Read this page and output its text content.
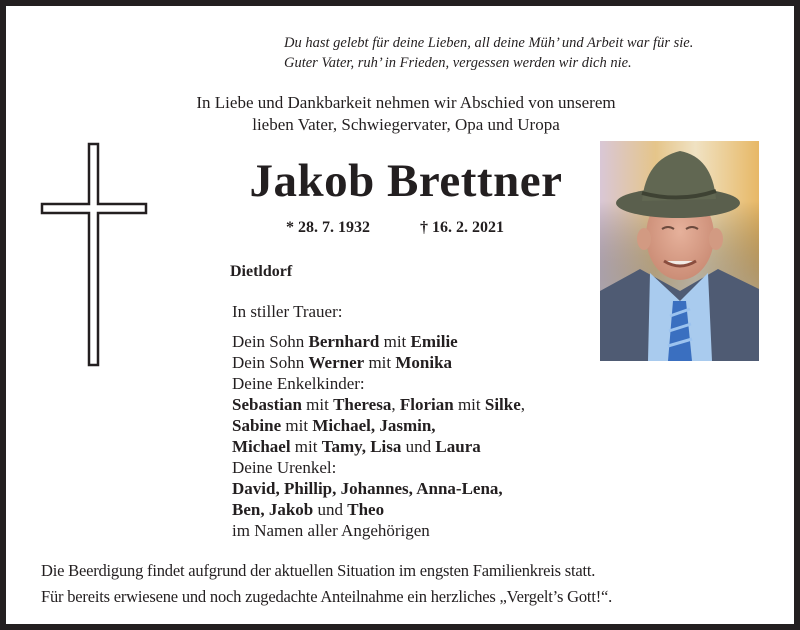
Du hast gelebt für deine Lieben, all deine Müh’ und Arbeit war für sie.
Guter Vater, ruh’ in Frieden, vergessen werden wir dich nie.
In Liebe und Dankbarkeit nehmen wir Abschied von unserem
lieben Vater, Schwiegervater, Opa und Uropa
Jakob Brettner
* 28. 7. 1932	† 16. 2. 2021
Dietldorf
In stiller Trauer:
Dein Sohn Bernhard mit Emilie
Dein Sohn Werner mit Monika
Deine Enkelkinder:
Sebastian mit Theresa, Florian mit Silke,
Sabine mit Michael, Jasmin,
Michael mit Tamy, Lisa und Laura
Deine Urenkel:
David, Phillip, Johannes, Anna-Lena,
Ben, Jakob und Theo
im Namen aller Angehörigen
Die Beerdigung findet aufgrund der aktuellen Situation im engsten Familienkreis statt.
Für bereits erwiesene und noch zugedachte Anteilnahme ein herzliches „Vergelt’s Gott!“.
